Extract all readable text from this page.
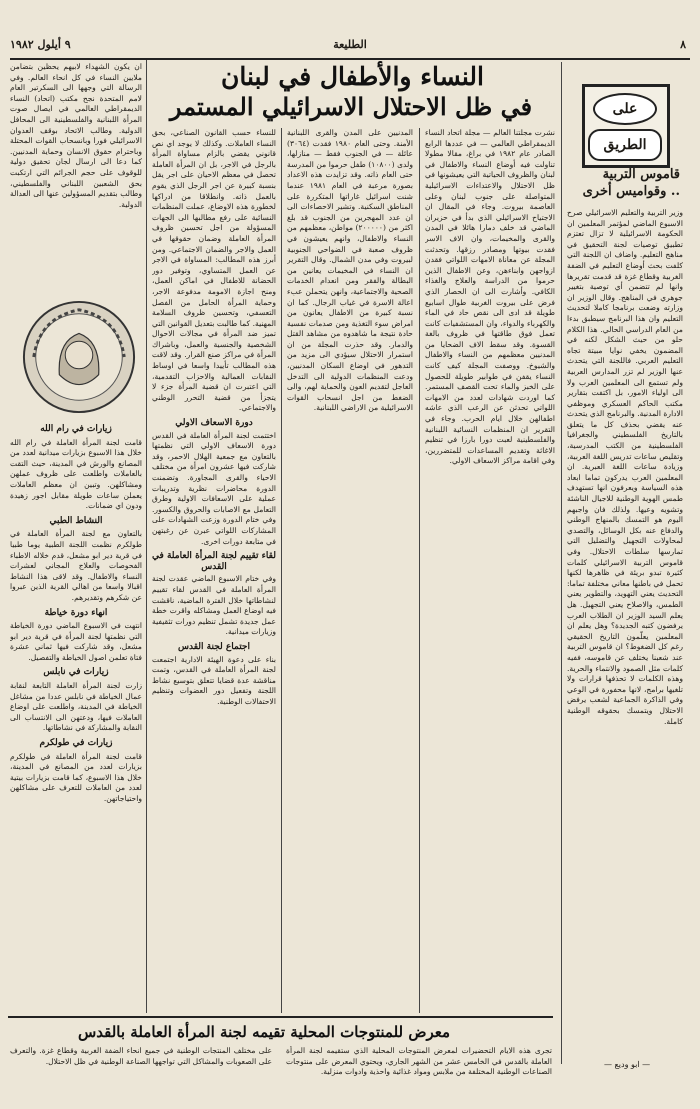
٩ أيلول ١٩٨٢	الطليعة	٨
على
الطريق
قاموس التربية
.. وقواميس أخرى

وزير التربية والتعليم الاسرائيلي صرح الاسبوع الماضي لمؤتمر المعلمين ان الحكومة الاسرائيلية لا تزال تعتزم تطبيق توصيات لجنة التحقيق في مناهج التعليم. واضاف ان اللجنة التي كلفت بحث أوضاع التعليم في الضفة الغربية وقطاع غزة قد قدمت تقريرها وانها لم تتضمن أي توصية بتغيير جوهري في المناهج. وقال الوزير ان وزارته وضعت برنامجا كاملا لتحديث التعليم وان هذا البرنامج سيطبق بدءا من العام الدراسي الحالي. هذا الكلام حلو من حيث الشكل لكنه في المضمون يخفي نوايا مبيتة تجاه التعليم العربي. فاللجنة التي يتحدث عنها الوزير لم تزر المدارس العربية ولم تستمع الى المعلمين العرب ولا الى اولياء الامور، بل اكتفت بتقارير مكتب الحاكم العسكري وموظفي الادارة المدنية. والبرنامج الذي يتحدث عنه يقضي بحذف كل ما يتعلق بالتاريخ الفلسطيني والجغرافيا الفلسطينية من الكتب المدرسية، وتقليص ساعات تدريس اللغة العربية، وزيادة ساعات اللغة العبرية. ان المعلمين العرب يدركون تماما ابعاد هذه السياسة ويعرفون انها تستهدف طمس الهوية الوطنية للاجيال الناشئة وتشويه وعيها. ولذلك فان واجبهم اليوم هو التمسك بالمنهاج الوطني والدفاع عنه بكل الوسائل، والتصدي لمحاولات التجهيل والتضليل التي تمارسها سلطات الاحتلال. وفي قاموس التربية الاسرائيلي كلمات كثيرة تبدو بريئة في ظاهرها لكنها تحمل في باطنها معاني مختلفة تماما: التحديث يعني التهويد، والتطوير يعني الطمس، والاصلاح يعني التجهيل. هل يعلم السيد الوزير ان الطلاب العرب يرفضون كتبه الجديدة؟ وهل يعلم ان المعلمين يعلّمون التاريخ الحقيقي رغم كل الضغوط؟ ان قاموس التربية عند شعبنا يختلف عن قاموسه، ففيه كلمات مثل الصمود والانتماء والحرية. وهذه الكلمات لا تحذفها قرارات ولا تلغيها برامج، لانها محفورة في الوعي وفي الذاكرة الجماعية لشعب يرفض الاحتلال ويتمسك بحقوقه الوطنية كاملة.

— ابو وديع —
النساء والأطفال في لبنان
في ظل الاحتلال الاسرائيلي المستمر

نشرت مجلتنا العالم — مجلة اتحاد النساء الديمقراطي العالمي — في عددها الرابع الصادر عام ١٩٨٢ في براغ، مقالا مطولا تناولت فيه أوضاع النساء والاطفال في لبنان والظروف الحياتية التي يعيشونها في ظل الاحتلال والاعتداءات الاسرائيلية المتواصلة على جنوب لبنان وعلى العاصمة بيروت. وجاء في المقال ان الاجتياح الاسرائيلي الذي بدأ في حزيران الماضي قد خلف دمارا هائلا في المدن والقرى والمخيمات، وان الاف الاسر فقدت بيوتها ومصادر رزقها. وتحدثت المجلة عن معاناة الامهات اللواتي فقدن ازواجهن وابناءهن، وعن الاطفال الذين حرموا من الدراسة والعلاج والغذاء الكافي. وأشارت الى ان الحصار الذي فرض على بيروت الغربية طوال اسابيع طويلة قد ادى الى نقص حاد في الماء والكهرباء والدواء، وان المستشفيات كانت تعمل فوق طاقتها في ظروف بالغة القسوة. وقد سقط الاف الضحايا من المدنيين معظمهم من النساء والاطفال والشيوخ. ووصفت المجلة كيف كانت النساء يقفن في طوابير طويلة للحصول على الخبز والماء تحت القصف المستمر. كما اوردت شهادات لعدد من الامهات اللواتي تحدثن عن الرعب الذي عاشه اطفالهن خلال ايام الحرب. وجاء في التقرير ان المنظمات النسائية اللبنانية والفلسطينية لعبت دورا بارزا في تنظيم الاغاثة وتقديم المساعدات للمتضررين، وفي اقامة مراكز الاسعاف الاولي.

المدنيين على المدن والقرى اللبنانية الأمنة. وحتى العام ١٩٨٠ فقدت (٣٠٦٤) عائلة — في الجنوب فقط — منازلها، ولدى (١٠٨٠٠) طفل حرموا من المدرسة حتى العام ذاته. وقد تزايدت هذه الاعداد بصورة مرعبة في العام ١٩٨١ عندما شنت اسرائيل غاراتها المتكررة على المناطق السكنية. وتشير الاحصاءات الى ان عدد المهجرين من الجنوب قد بلغ اكثر من (٢٠٠٠٠٠) مواطن، معظمهم من النساء والاطفال، وانهم يعيشون في ظروف صعبة في الضواحي الجنوبية لبيروت وفي مدن الشمال. وقال التقرير ان النساء في المخيمات يعانين من البطالة والفقر ومن انعدام الخدمات الصحية والاجتماعية، وانهن يتحملن عبء اعالة الاسرة في غياب الرجال. كما ان نسبة كبيرة من الاطفال يعانون من امراض سوء التغذية ومن صدمات نفسية حادة نتيجة ما شاهدوه من مشاهد القتل والدمار. وقد حذرت المجلة من ان استمرار الاحتلال سيؤدي الى مزيد من التدهور في اوضاع السكان المدنيين، ودعت المنظمات الدولية الى التدخل العاجل لتقديم العون والحماية لهم، والى الضغط من اجل انسحاب القوات الاسرائيلية من الاراضي اللبنانية.

للنساء حسب القانون الصناعي، بحق النساء العاملات. وكذلك لا يوجد اي نص قانوني يقضي بالزام مساواة المرأة بالرجل في الاجر، بل ان المرأة العاملة تحصل في معظم الاحيان على اجر يقل بنسبة كبيرة عن اجر الرجل الذي يقوم بالعمل ذاته. وانطلاقا من ادراكها لخطورة هذه الاوضاع، عملت المنظمات النسائية على رفع مطالبها الى الجهات المسؤولة من اجل تحسين ظروف المرأة العاملة وضمان حقوقها في العمل والاجر والضمان الاجتماعي. ومن أبرز هذه المطالب: المساواة في الاجر عن العمل المتساوي، وتوفير دور الحضانة للاطفال في اماكن العمل، ومنح اجازة الامومة مدفوعة الاجر، وحماية المرأة الحامل من الفصل التعسفي، وتحسين ظروف السلامة المهنية. كما طالبت بتعديل القوانين التي تميز ضد المرأة في مجالات الاحوال الشخصية والجنسية والعمل، وباشراك المرأة في مراكز صنع القرار. وقد لاقت هذه المطالب تأييدا واسعا في اوساط النقابات العمالية والاحزاب التقدمية، التي اعتبرت ان قضية المرأة جزء لا يتجزأ من قضية التحرر الوطني والاجتماعي.

دورة الاسعاف الاولي

اختتمت لجنة المرأة العاملة في القدس دورة الاسعاف الاولي التي نظمتها بالتعاون مع جمعية الهلال الاحمر، وقد شاركت فيها عشرون امرأة من مختلف الاحياء والقرى المجاورة. وتضمنت الدورة محاضرات نظرية وتدريبات عملية على الاسعافات الاولية وطرق التعامل مع الاصابات والحروق والكسور. وفي ختام الدورة وزعت الشهادات على المشاركات اللواتي عبرن عن رغبتهن في متابعة دورات اخرى.

لقاء تقييم لجنة المرأة العاملة في القدس

وفي ختام الاسبوع الماضي عقدت لجنة المرأة العاملة في القدس لقاء تقييم لنشاطاتها خلال الفترة الماضية، ناقشت فيه اوضاع العمل ومشاكله واقرت خطة عمل جديدة تشمل تنظيم دورات تثقيفية وزيارات ميدانية.

اجتماع لجنة القدس

بناء على دعوة الهيئة الادارية اجتمعت لجنة المرأة العاملة في القدس، وتمت مناقشة عدة قضايا تتعلق بتوسيع نشاط اللجنة وتفعيل دور العضوات وتنظيم الاحتفالات الوطنية.

ان يكون الشهداء لابيهم يحظين بتضامن ملايين النساء في كل انحاء العالم. وفي الرسالة التي وجهها الى السكرتير العام لامم المتحدة نجح مكتب (اتحاد) النساء الديمقراطي العالمي في ايصال صوت المرأة اللبنانية والفلسطينية الى المحافل الدولية. وطالب الاتحاد بوقف العدوان الاسرائيلي فورا وبانسحاب القوات المحتلة وباحترام حقوق الانسان وحماية المدنيين. كما دعا الى ارسال لجان تحقيق دولية للوقوف على حجم الجرائم التي ارتكبت بحق الشعبين اللبناني والفلسطيني، وطالب بتقديم المسؤولين عنها الى العدالة الدولية.

زيارات في رام الله

قامت لجنة المرأة العاملة في رام الله خلال هذا الاسبوع بزيارات ميدانية لعدد من المصانع والورش في المدينة، حيث التقت بالعاملات واطلعت على ظروف عملهن ومشاكلهن. وتبين ان معظم العاملات يعملن ساعات طويلة مقابل اجور زهيدة ودون اي ضمانات.

النشاط الطبي

بالتعاون مع لجنة المرأة العاملة في طولكرم نظمت اللجنة الطبية يوما طبيا في قرية دير ابو مشعل، قدم خلاله الاطباء الفحوصات والعلاج المجاني لعشرات النساء والاطفال. وقد لاقى هذا النشاط اقبالا واسعا من اهالي القرية الذين عبروا عن شكرهم وتقديرهم.

انهاء دورة خياطة

انتهت في الاسبوع الماضي دورة الخياطة التي نظمتها لجنة المرأة في قرية دير ابو مشعل، وقد شاركت فيها ثماني عشرة فتاة تعلمن اصول الخياطة والتفصيل.

زيارات في نابلس

زارت لجنة المرأة العاملة التابعة لنقابة عمال الخياطة في نابلس عددا من مشاغل الخياطة في المدينة، واطلعت على اوضاع العاملات فيها، ودعتهن الى الانتساب الى النقابة والمشاركة في نشاطاتها.

زيارات في طولكرم

قامت لجنة المرأة العاملة في طولكرم بزيارات لعدد من المصانع في المدينة، خلال هذا الاسبوع، كما قامت بزيارات بيتية لعدد من العاملات للتعرف على مشاكلهن واحتياجاتهن.

معرض للمنتوجات المحلية تقيمه لجنة المرأة العاملة بالقدس

على مختلف المنتجات الوطنية في جميع انحاء الضفة الغربية وقطاع غزة. والتعرف على الصعوبات والمشاكل التي تواجهها الصناعة الوطنية في ظل الاحتلال.

تجرى هذه الايام التحضيرات لمعرض المنتوجات المحلية الذي ستقيمه لجنة المرأة العاملة بالقدس في الخامس عشر من الشهر الجاري، ويحتوي المعرض على منتوجات الصناعات الوطنية المختلفة من ملابس ومواد غذائية واحذية وادوات منزلية.
